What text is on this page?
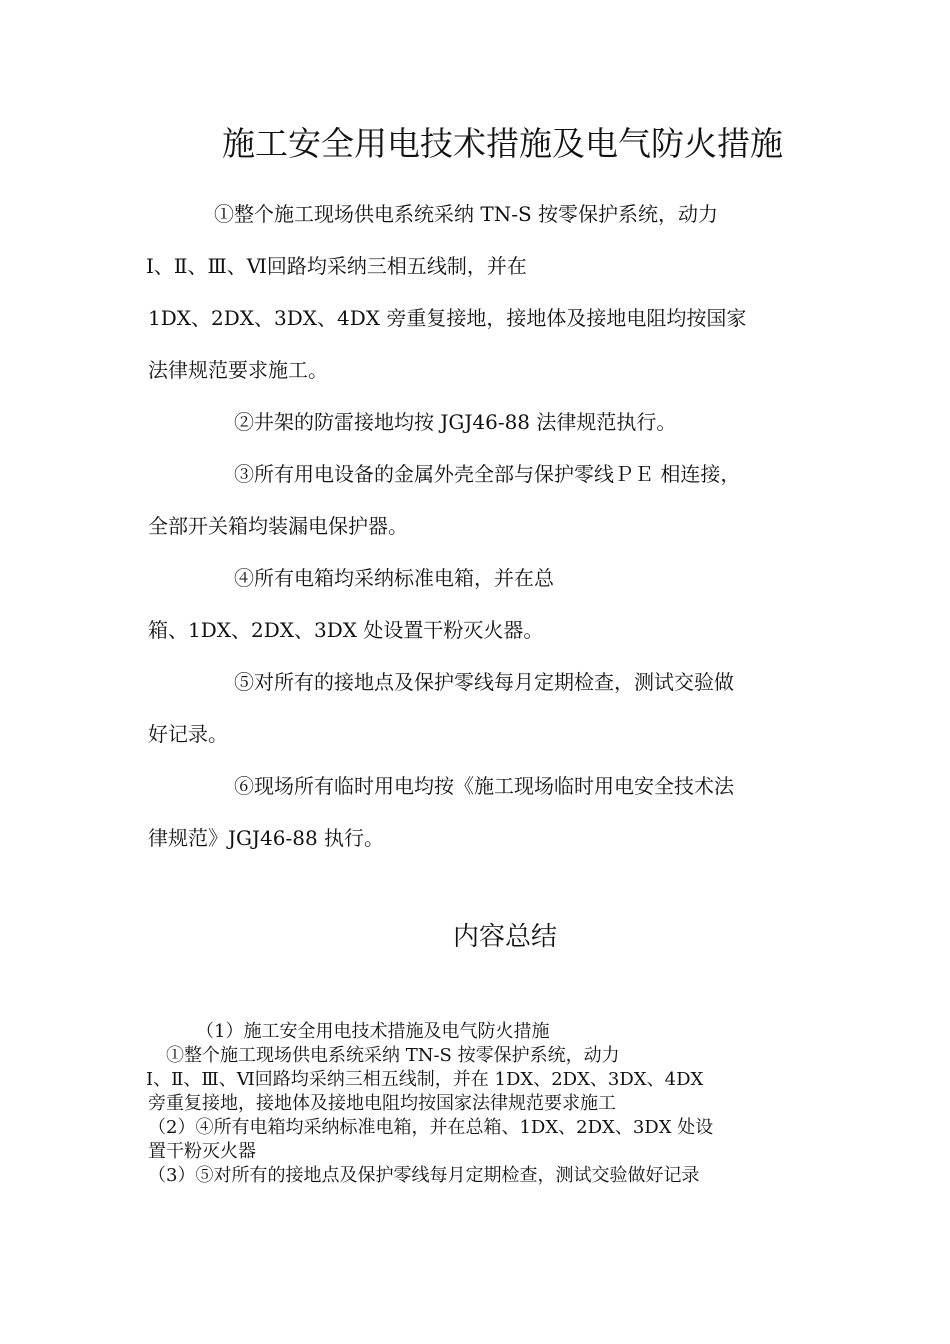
施工安全用电技术措施及电气防火措施
①整个施工现场供电系统采纳 TN-S 按零保护系统，动力
Ⅰ、Ⅱ、Ⅲ、Ⅵ回路均采纳三相五线制，并在
1DX、2DX、3DX、4DX 旁重复接地，接地体及接地电阻均按国家
法律规范要求施工。
②井架的防雷接地均按 JGJ46-88 法律规范执行。
③所有用电设备的金属外壳全部与保护零线ＰＥ 相连接，
全部开关箱均装漏电保护器。
④所有电箱均采纳标准电箱，并在总
箱、1DX、2DX、3DX 处设置干粉灭火器。
⑤对所有的接地点及保护零线每月定期检查，测试交验做
好记录。
⑥现场所有临时用电均按《施工现场临时用电安全技术法
律规范》JGJ46-88 执行。
内容总结
（1）施工安全用电技术措施及电气防火措施
①整个施工现场供电系统采纳 TN-S 按零保护系统，动力
Ⅰ、Ⅱ、Ⅲ、Ⅵ回路均采纳三相五线制，并在 1DX、2DX、3DX、4DX
旁重复接地，接地体及接地电阻均按国家法律规范要求施工
（2）④所有电箱均采纳标准电箱，并在总箱、1DX、2DX、3DX 处设
置干粉灭火器
（3）⑤对所有的接地点及保护零线每月定期检查，测试交验做好记录
